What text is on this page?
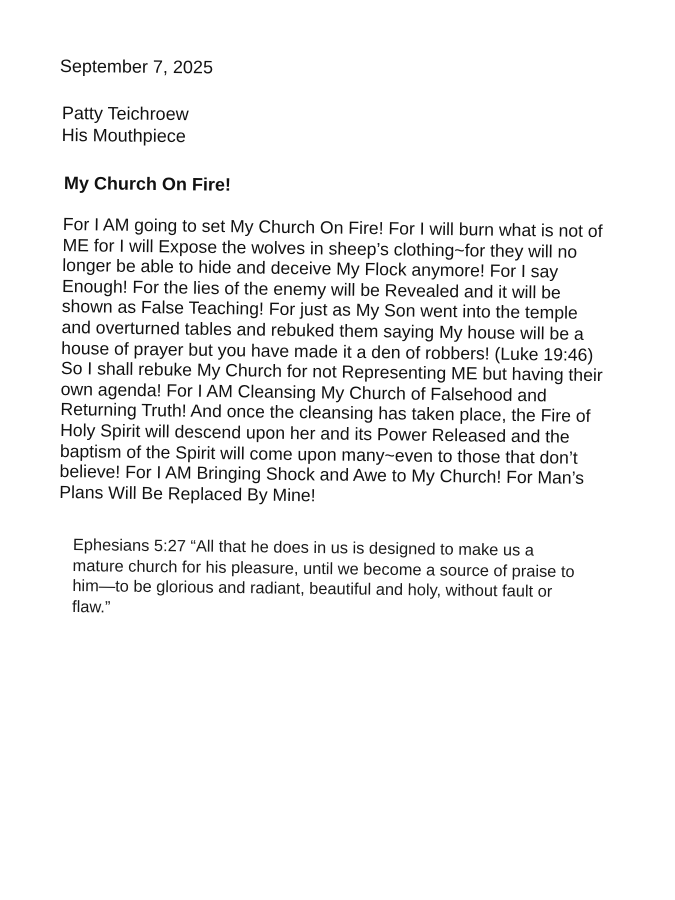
September 7, 2025
Patty Teichroew
His Mouthpiece
My Church On Fire!
For I AM going to set My Church On Fire! For I will burn what is not of
ME for I will Expose the wolves in sheep’s clothing~for they will no
longer be able to hide and deceive My Flock anymore! For I say
Enough! For the lies of the enemy will be Revealed and it will be
shown as False Teaching! For just as My Son went into the temple
and overturned tables and rebuked them saying My house will be a
house of prayer but you have made it a den of robbers! (Luke 19:46)
So I shall rebuke My Church for not Representing ME but having their
own agenda! For I AM Cleansing My Church of Falsehood and
Returning Truth! And once the cleansing has taken place, the Fire of
Holy Spirit will descend upon her and its Power Released and the
baptism of the Spirit will come upon many~even to those that don’t
believe! For I AM Bringing Shock and Awe to My Church! For Man’s
Plans Will Be Replaced By Mine!
Ephesians 5:27 “All that he does in us is designed to make us a
mature church for his pleasure, until we become a source of praise to
him—to be glorious and radiant, beautiful and holy, without fault or
flaw.”
